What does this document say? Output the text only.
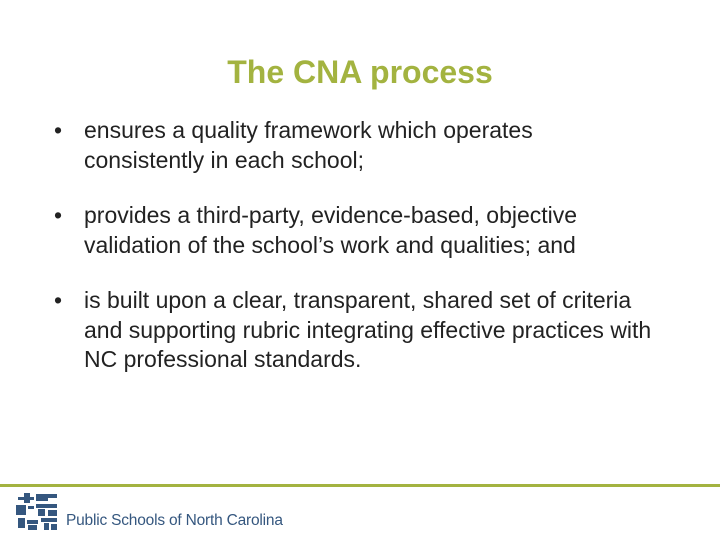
The CNA process
• ensures a quality framework which operates consistently in each school;
• provides a third-party, evidence-based, objective validation of the school’s work and qualities; and
• is built upon a clear, transparent, shared set of criteria and supporting rubric integrating effective practices with NC professional standards.
Public Schools of North Carolina
